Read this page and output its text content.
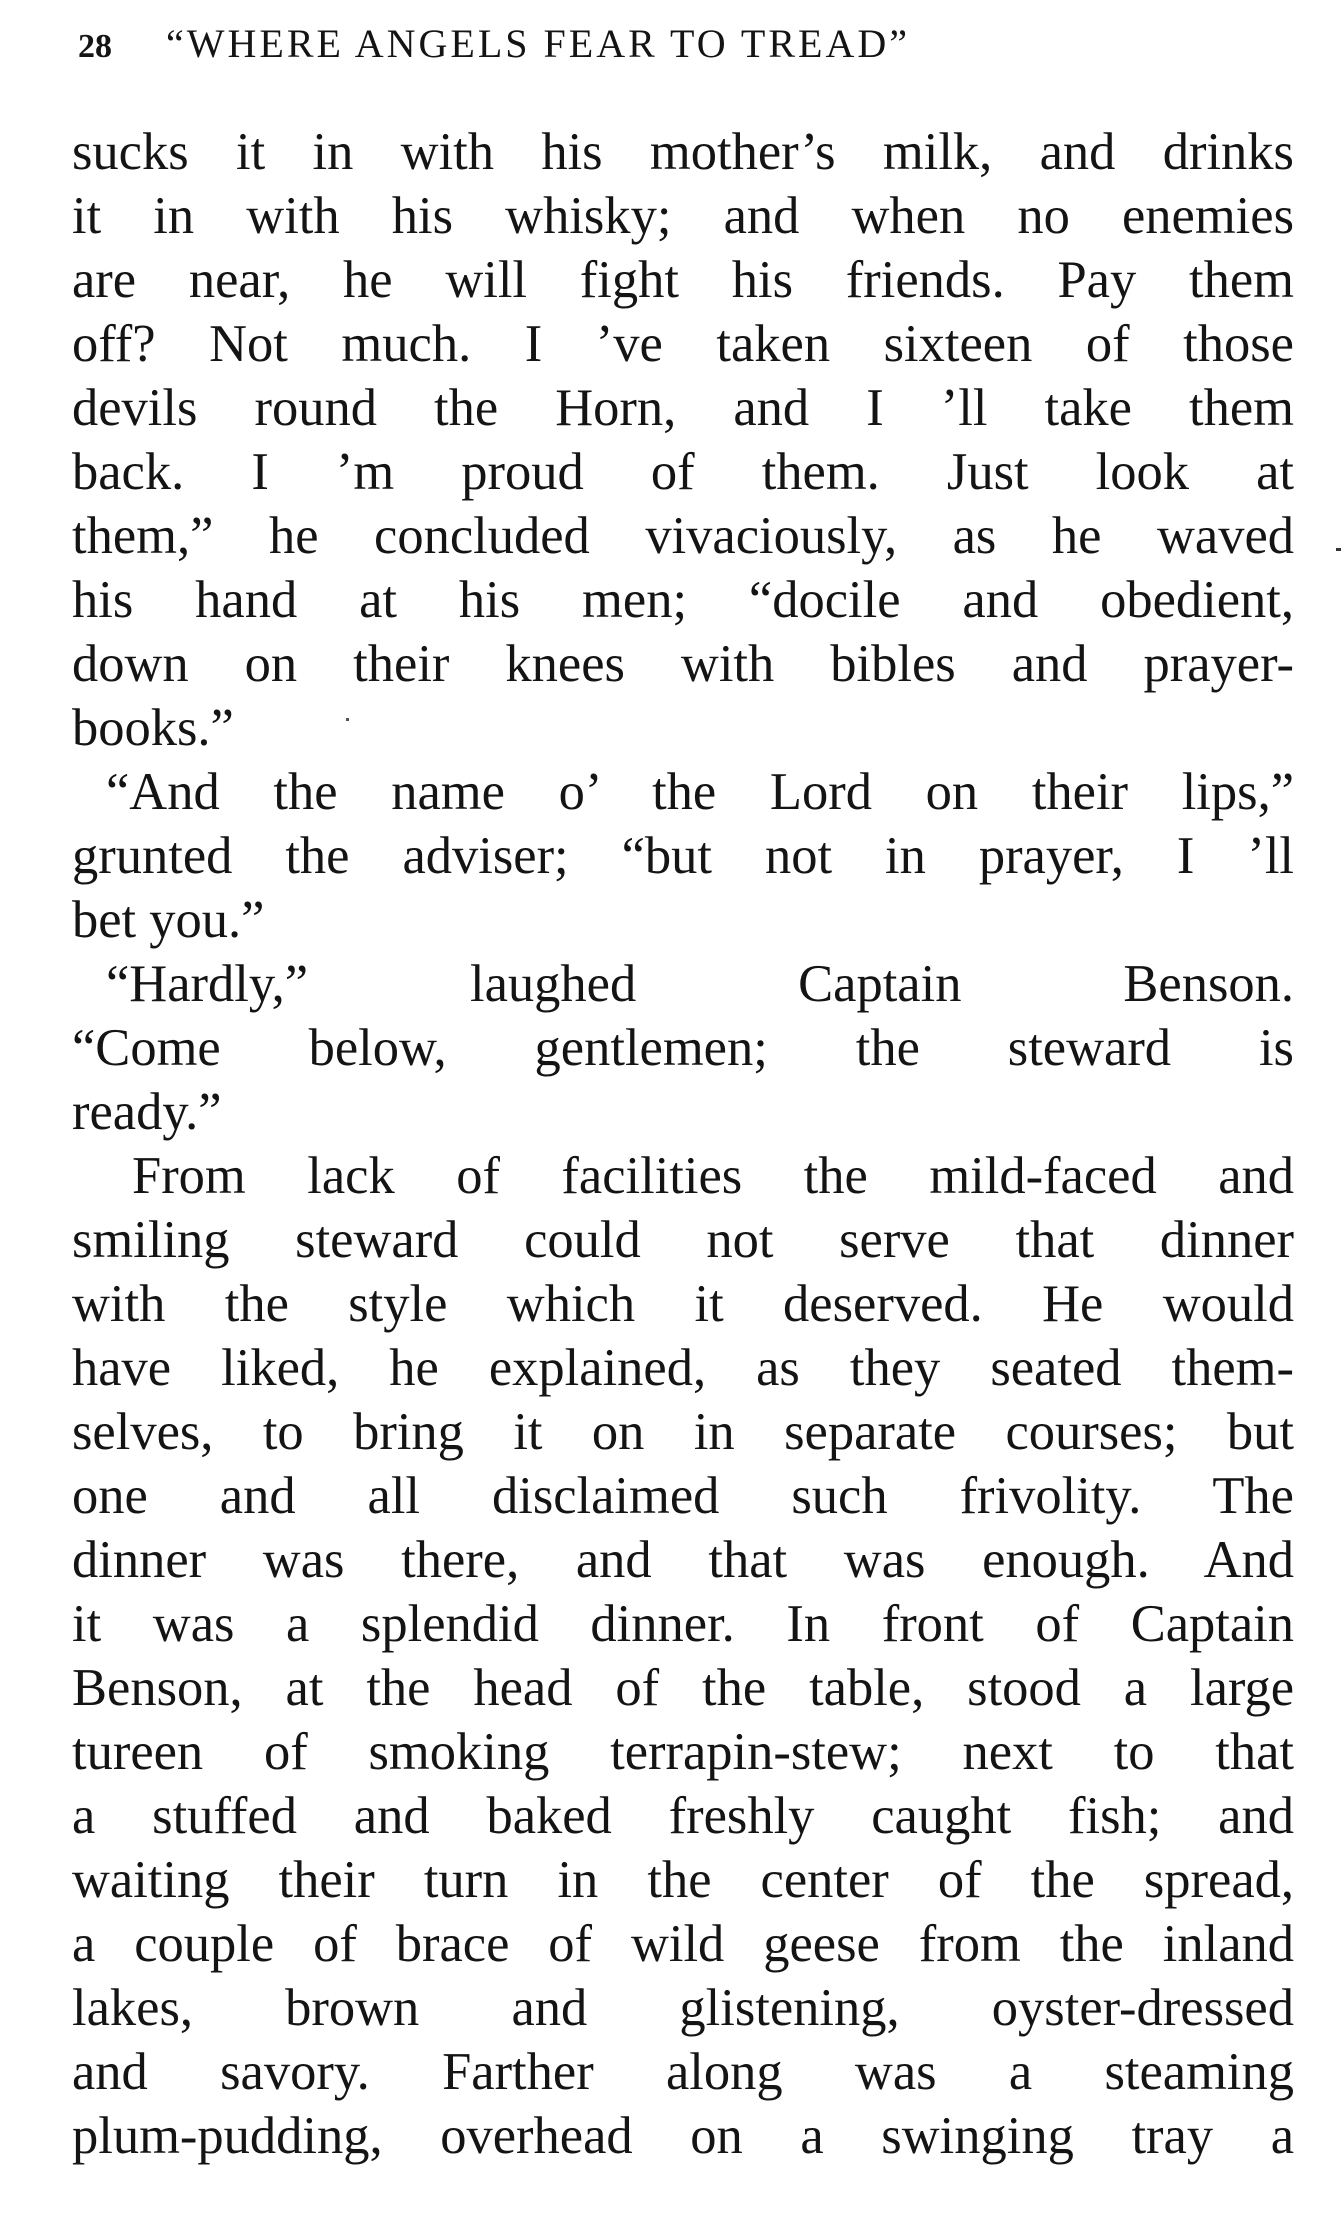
28 “WHERE ANGELS FEAR TO TREAD”
sucks it in with his mother’s milk, and drinks
it in with his whisky; and when no enemies
are near, he will fight his friends. Pay them
off? Not much. I ’ve taken sixteen of those
devils round the Horn, and I ’ll take them
back. I ’m proud of them. Just look at
them,” he concluded vivaciously, as he waved
his hand at his men; “docile and obedient,
down on their knees with bibles and prayer-
books.”
“And the name o’ the Lord on their lips,”
grunted the adviser; “but not in prayer, I ’ll
bet you.”
“Hardly,” laughed Captain Benson.
“Come below, gentlemen; the steward is
ready.”
From lack of facilities the mild-faced and
smiling steward could not serve that dinner
with the style which it deserved. He would
have liked, he explained, as they seated them-
selves, to bring it on in separate courses; but
one and all disclaimed such frivolity. The
dinner was there, and that was enough. And
it was a splendid dinner. In front of Captain
Benson, at the head of the table, stood a large
tureen of smoking terrapin-stew; next to that
a stuffed and baked freshly caught fish; and
waiting their turn in the center of the spread,
a couple of brace of wild geese from the inland
lakes, brown and glistening, oyster-dressed
and savory. Farther along was a steaming
plum-pudding, overhead on a swinging tray a
